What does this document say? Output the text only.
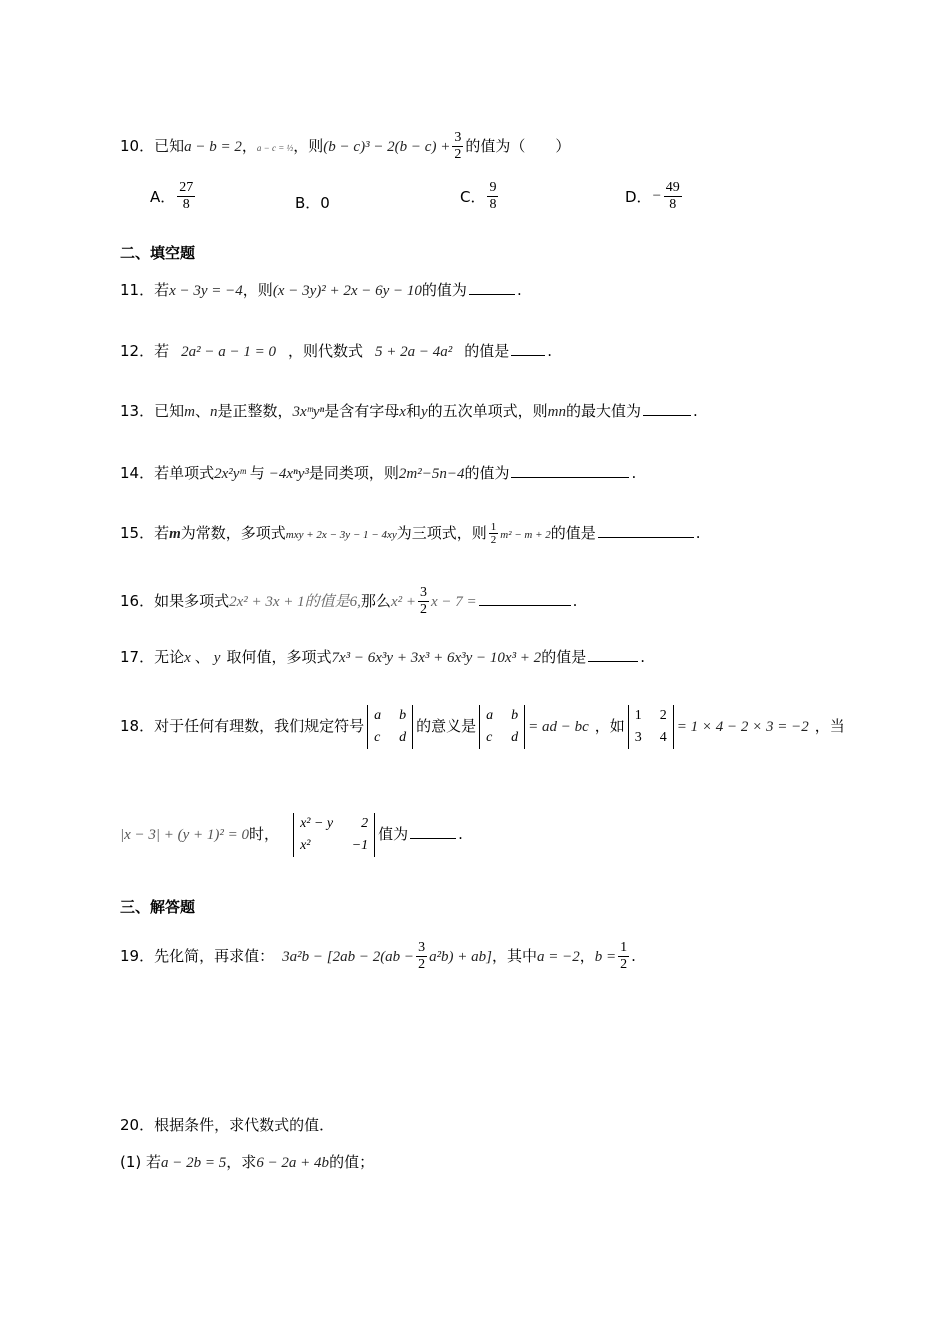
10．已知a − b = 2，a − c = ½，则$(b - c)^3 - 2(b - c) + \frac{3}{2}$ 的值为（　　）
A． $\frac{27}{8}$	B．0	C． $\frac{9}{8}$	D． − $\frac{49}{8}$
二、填空题
11．若x − 3y = −4，则(x − 3y)² + 2x − 6y − 10的值为	.
12．若 2a² − a − 1 = 0 ，则代数式 5 + 2a − 4a² 的值是	.
13．已知m、n是正整数，3xᵐyⁿ是含有字母x和y的五次单项式，则mn的最大值为	.
14．若单项式2x²yᵐ 与 −4xⁿy³是同类项，则2m²−5n−4的值为	.
15．若m为常数，多项式mxy + 2x − 3y − 1 − 4xy为三项式，则 $\frac{1}{2} m^2 - m + 2$的值是	.
16．如果多项式2x² + 3x + 1的值是6,那么$x^2 + \frac{3}{2}$ x − 7 =	.
17．无论x 、 y 取何值，多项式7x³ − 6x³y + 3x³ + 6x³y − 10x³ + 2的值是	.
18．对于任何有理数，我们规定符号
a b
c d
的意义是
a b
c d
= ad − bc ，如
1 2
3 4
= 1 × 4 − 2 × 3 = −2 ，当
|x − 3| + (y + 1)² = 0时，
x² − y 2
x²	−1
值为	.
三、解答题
19．先化简，再求值： $3a^2b - [2ab - 2(ab - \frac{3}{2} a^2b) + ab]$，其中a = −2，$b = \frac{1}{2}$ .
20．根据条件，求代数式的值．
(1) 若a − 2b = 5，求6 − 2a + 4b的值；
